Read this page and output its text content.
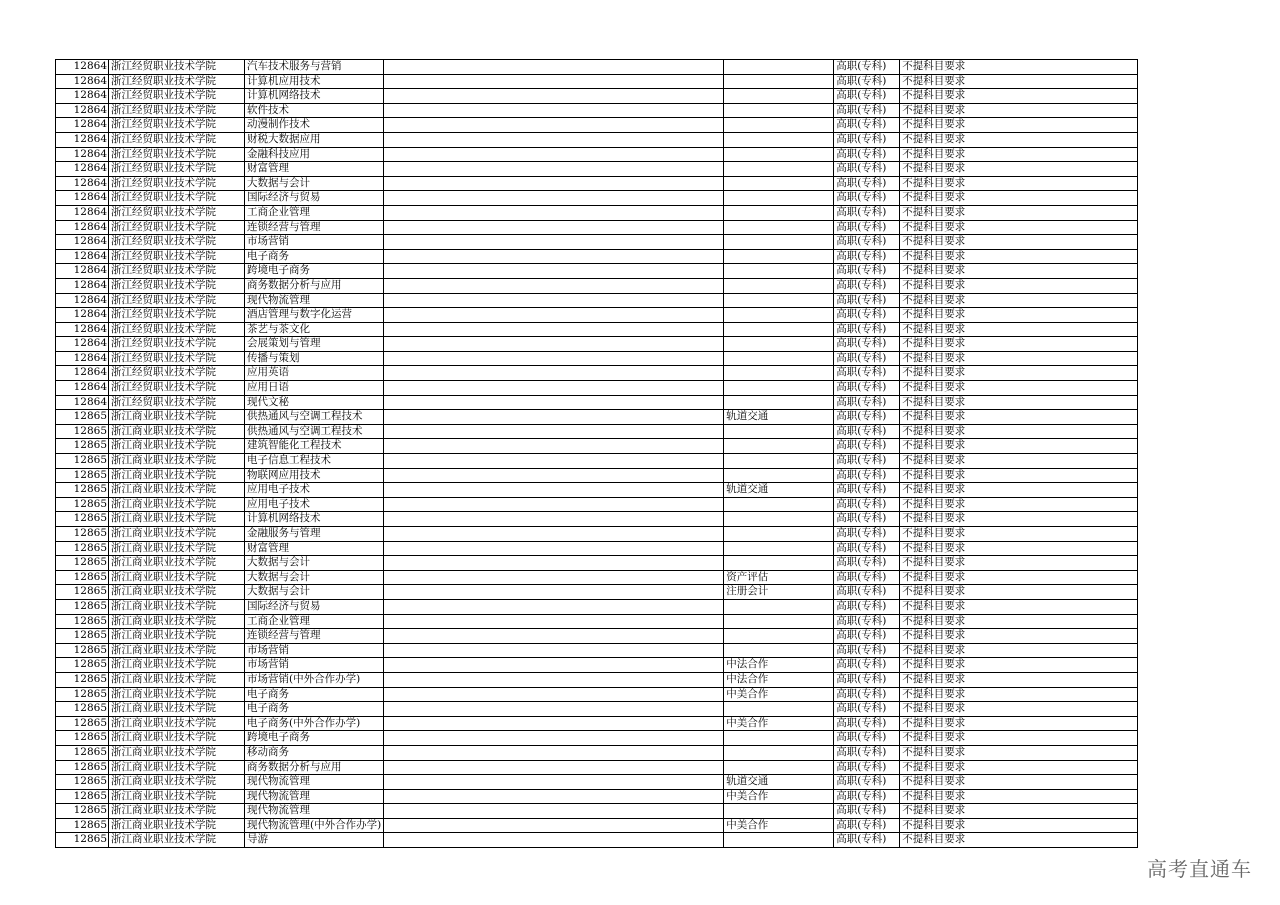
12864	浙江经贸职业技术学院	汽车技术服务与营销			高职(专科)	不提科目要求	
12864	浙江经贸职业技术学院	计算机应用技术			高职(专科)	不提科目要求	
12864	浙江经贸职业技术学院	计算机网络技术			高职(专科)	不提科目要求	
12864	浙江经贸职业技术学院	软件技术			高职(专科)	不提科目要求	
12864	浙江经贸职业技术学院	动漫制作技术			高职(专科)	不提科目要求	
12864	浙江经贸职业技术学院	财税大数据应用			高职(专科)	不提科目要求	
12864	浙江经贸职业技术学院	金融科技应用			高职(专科)	不提科目要求	
12864	浙江经贸职业技术学院	财富管理			高职(专科)	不提科目要求	
12864	浙江经贸职业技术学院	大数据与会计			高职(专科)	不提科目要求	
12864	浙江经贸职业技术学院	国际经济与贸易			高职(专科)	不提科目要求	
12864	浙江经贸职业技术学院	工商企业管理			高职(专科)	不提科目要求	
12864	浙江经贸职业技术学院	连锁经营与管理			高职(专科)	不提科目要求	
12864	浙江经贸职业技术学院	市场营销			高职(专科)	不提科目要求	
12864	浙江经贸职业技术学院	电子商务			高职(专科)	不提科目要求	
12864	浙江经贸职业技术学院	跨境电子商务			高职(专科)	不提科目要求	
12864	浙江经贸职业技术学院	商务数据分析与应用			高职(专科)	不提科目要求	
12864	浙江经贸职业技术学院	现代物流管理			高职(专科)	不提科目要求	
12864	浙江经贸职业技术学院	酒店管理与数字化运营			高职(专科)	不提科目要求	
12864	浙江经贸职业技术学院	茶艺与茶文化			高职(专科)	不提科目要求	
12864	浙江经贸职业技术学院	会展策划与管理			高职(专科)	不提科目要求	
12864	浙江经贸职业技术学院	传播与策划			高职(专科)	不提科目要求	
12864	浙江经贸职业技术学院	应用英语			高职(专科)	不提科目要求	
12864	浙江经贸职业技术学院	应用日语			高职(专科)	不提科目要求	
12864	浙江经贸职业技术学院	现代文秘			高职(专科)	不提科目要求	
12865	浙江商业职业技术学院	供热通风与空调工程技术		轨道交通	高职(专科)	不提科目要求	
12865	浙江商业职业技术学院	供热通风与空调工程技术			高职(专科)	不提科目要求	
12865	浙江商业职业技术学院	建筑智能化工程技术			高职(专科)	不提科目要求	
12865	浙江商业职业技术学院	电子信息工程技术			高职(专科)	不提科目要求	
12865	浙江商业职业技术学院	物联网应用技术			高职(专科)	不提科目要求	
12865	浙江商业职业技术学院	应用电子技术		轨道交通	高职(专科)	不提科目要求	
12865	浙江商业职业技术学院	应用电子技术			高职(专科)	不提科目要求	
12865	浙江商业职业技术学院	计算机网络技术			高职(专科)	不提科目要求	
12865	浙江商业职业技术学院	金融服务与管理			高职(专科)	不提科目要求	
12865	浙江商业职业技术学院	财富管理			高职(专科)	不提科目要求	
12865	浙江商业职业技术学院	大数据与会计			高职(专科)	不提科目要求	
12865	浙江商业职业技术学院	大数据与会计		资产评估	高职(专科)	不提科目要求	
12865	浙江商业职业技术学院	大数据与会计		注册会计	高职(专科)	不提科目要求	
12865	浙江商业职业技术学院	国际经济与贸易			高职(专科)	不提科目要求	
12865	浙江商业职业技术学院	工商企业管理			高职(专科)	不提科目要求	
12865	浙江商业职业技术学院	连锁经营与管理			高职(专科)	不提科目要求	
12865	浙江商业职业技术学院	市场营销			高职(专科)	不提科目要求	
12865	浙江商业职业技术学院	市场营销		中法合作	高职(专科)	不提科目要求	
12865	浙江商业职业技术学院	市场营销(中外合作办学)		中法合作	高职(专科)	不提科目要求	
12865	浙江商业职业技术学院	电子商务		中美合作	高职(专科)	不提科目要求	
12865	浙江商业职业技术学院	电子商务			高职(专科)	不提科目要求	
12865	浙江商业职业技术学院	电子商务(中外合作办学)		中美合作	高职(专科)	不提科目要求	
12865	浙江商业职业技术学院	跨境电子商务			高职(专科)	不提科目要求	
12865	浙江商业职业技术学院	移动商务			高职(专科)	不提科目要求	
12865	浙江商业职业技术学院	商务数据分析与应用			高职(专科)	不提科目要求	
12865	浙江商业职业技术学院	现代物流管理		轨道交通	高职(专科)	不提科目要求	
12865	浙江商业职业技术学院	现代物流管理		中美合作	高职(专科)	不提科目要求	
12865	浙江商业职业技术学院	现代物流管理			高职(专科)	不提科目要求	
12865	浙江商业职业技术学院	现代物流管理(中外合作办学)		中美合作	高职(专科)	不提科目要求	
12865	浙江商业职业技术学院	导游			高职(专科)	不提科目要求	
高考直通车
